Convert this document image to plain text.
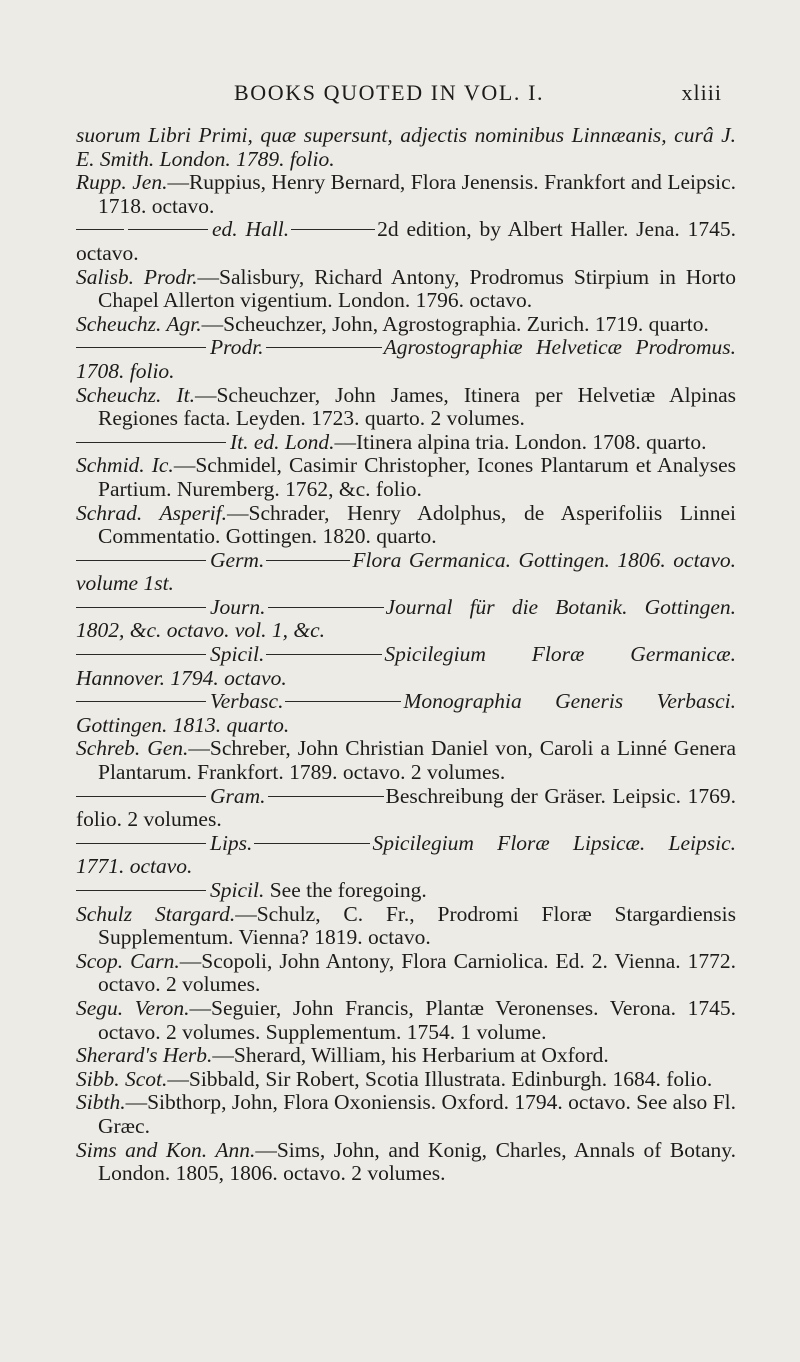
BOOKS QUOTED IN VOL. I.	xliii

suorum Libri Primi, quæ supersunt, adjectis nominibus Linnæanis, curâ J. E. Smith. London. 1789. folio.

Rupp. Jen.—Ruppius, Henry Bernard, Flora Jenensis. Frankfort and Leipsic. 1718. octavo.

ed. Hall.	2d edition, by Albert Haller. Jena. 1745. octavo.

Salisb. Prodr.—Salisbury, Richard Antony, Prodromus Stirpium in Horto Chapel Allerton vigentium. London. 1796. octavo.

Scheuchz. Agr.—Scheuchzer, John, Agrostographia. Zurich. 1719. quarto.

Prodr.	Agrostographiæ Helveticæ Prodromus. 1708. folio.

Scheuchz. It.—Scheuchzer, John James, Itinera per Helvetiæ Alpinas Regiones facta. Leyden. 1723. quarto. 2 volumes.

It. ed. Lond.—Itinera alpina tria. London. 1708. quarto.

Schmid. Ic.—Schmidel, Casimir Christopher, Icones Plantarum et Analyses Partium. Nuremberg. 1762, &c. folio.

Schrad. Asperif.—Schrader, Henry Adolphus, de Asperifoliis Linnei Commentatio. Gottingen. 1820. quarto.

Germ.	Flora Germanica. Gottingen. 1806. octavo. volume 1st.

Journ.	Journal für die Botanik. Gottingen. 1802, &c. octavo. vol. 1, &c.

Spicil.	Spicilegium Floræ Germanicæ. Hannover. 1794. octavo.

Verbasc.	Monographia Generis Verbasci. Gottingen. 1813. quarto.

Schreb. Gen.—Schreber, John Christian Daniel von, Caroli a Linné Genera Plantarum. Frankfort. 1789. octavo. 2 volumes.

Gram.	Beschreibung der Gräser. Leipsic. 1769. folio. 2 volumes.

Lips.	Spicilegium Floræ Lipsicæ. Leipsic. 1771. octavo.

Spicil. See the foregoing.

Schulz Stargard.—Schulz, C. Fr., Prodromi Floræ Stargardiensis Supplementum. Vienna? 1819. octavo.

Scop. Carn.—Scopoli, John Antony, Flora Carniolica. Ed. 2. Vienna. 1772. octavo. 2 volumes.

Segu. Veron.—Seguier, John Francis, Plantæ Veronenses. Verona. 1745. octavo. 2 volumes. Supplementum. 1754. 1 volume.

Sherard's Herb.—Sherard, William, his Herbarium at Oxford.

Sibb. Scot.—Sibbald, Sir Robert, Scotia Illustrata. Edinburgh. 1684. folio.

Sibth.—Sibthorp, John, Flora Oxoniensis. Oxford. 1794. octavo. See also Fl. Græc.

Sims and Kon. Ann.—Sims, John, and Konig, Charles, Annals of Botany. London. 1805, 1806. octavo. 2 volumes.
